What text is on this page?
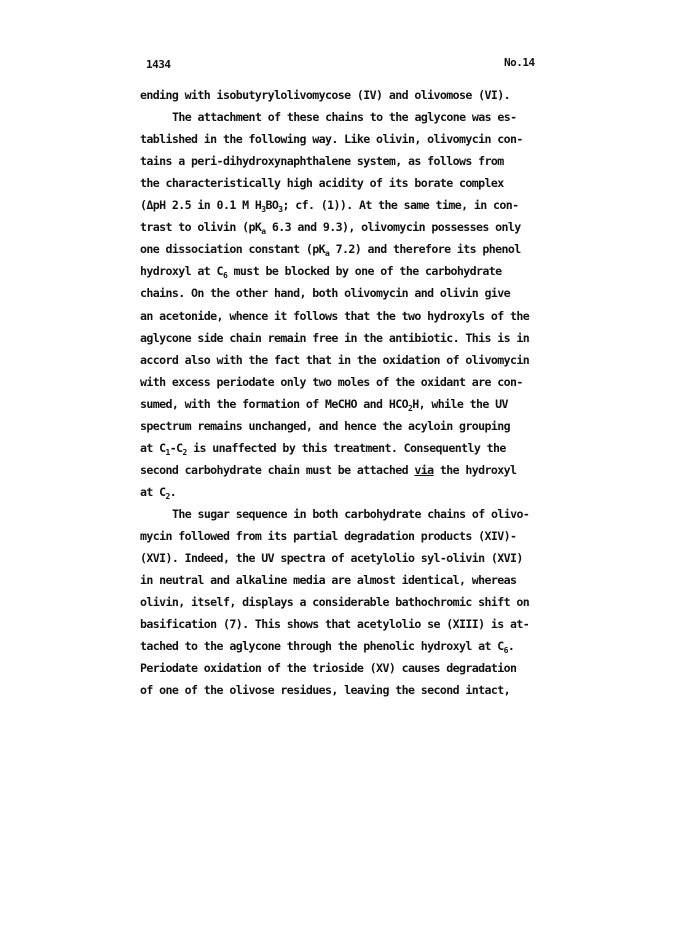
1434	No.14
ending with isobutyrylolivomycose (IV) and olivomose (VI).
The attachment of these chains to the aglycone was es-
tablished in the following way. Like olivin, olivomycin con-
tains a peri-dihydroxynaphthalene system, as follows from
the characteristically high acidity of its borate complex
(ΔpH 2.5 in 0.1 M $H_3BO_3$; cf. (1)). At the same time, in con-
trast to olivin ($pK_a$ 6.3 and 9.3), olivomycin possesses only
one dissociation constant ($pK_a$ 7.2) and therefore its phenol
hydroxyl at $C_6$ must be blocked by one of the carbohydrate
chains. On the other hand, both olivomycin and olivin give
an acetonide, whence it follows that the two hydroxyls of the
aglycone side chain remain free in the antibiotic. This is in
accord also with the fact that in the oxidation of olivomycin
with excess periodate only two moles of the oxidant are con-
sumed, with the formation of MeCHO and $HCO_2H$, while the UV
spectrum remains unchanged, and hence the acyloin grouping
at $C_1-C_2$ is unaffected by this treatment. Consequently the
second carbohydrate chain must be attached via the hydroxyl
at $C_2$.
The sugar sequence in both carbohydrate chains of olivo-
mycin followed from its partial degradation products (XIV)-
(XVI). Indeed, the UV spectra of acetylolio syl-olivin (XVI)
in neutral and alkaline media are almost identical, whereas
olivin, itself, displays a considerable bathochromic shift on
basification (7). This shows that acetylolio se (XIII) is at-
tached to the aglycone through the phenolic hydroxyl at $C_6$.
Periodate oxidation of the trioside (XV) causes degradation
of one of the olivose residues, leaving the second intact,
